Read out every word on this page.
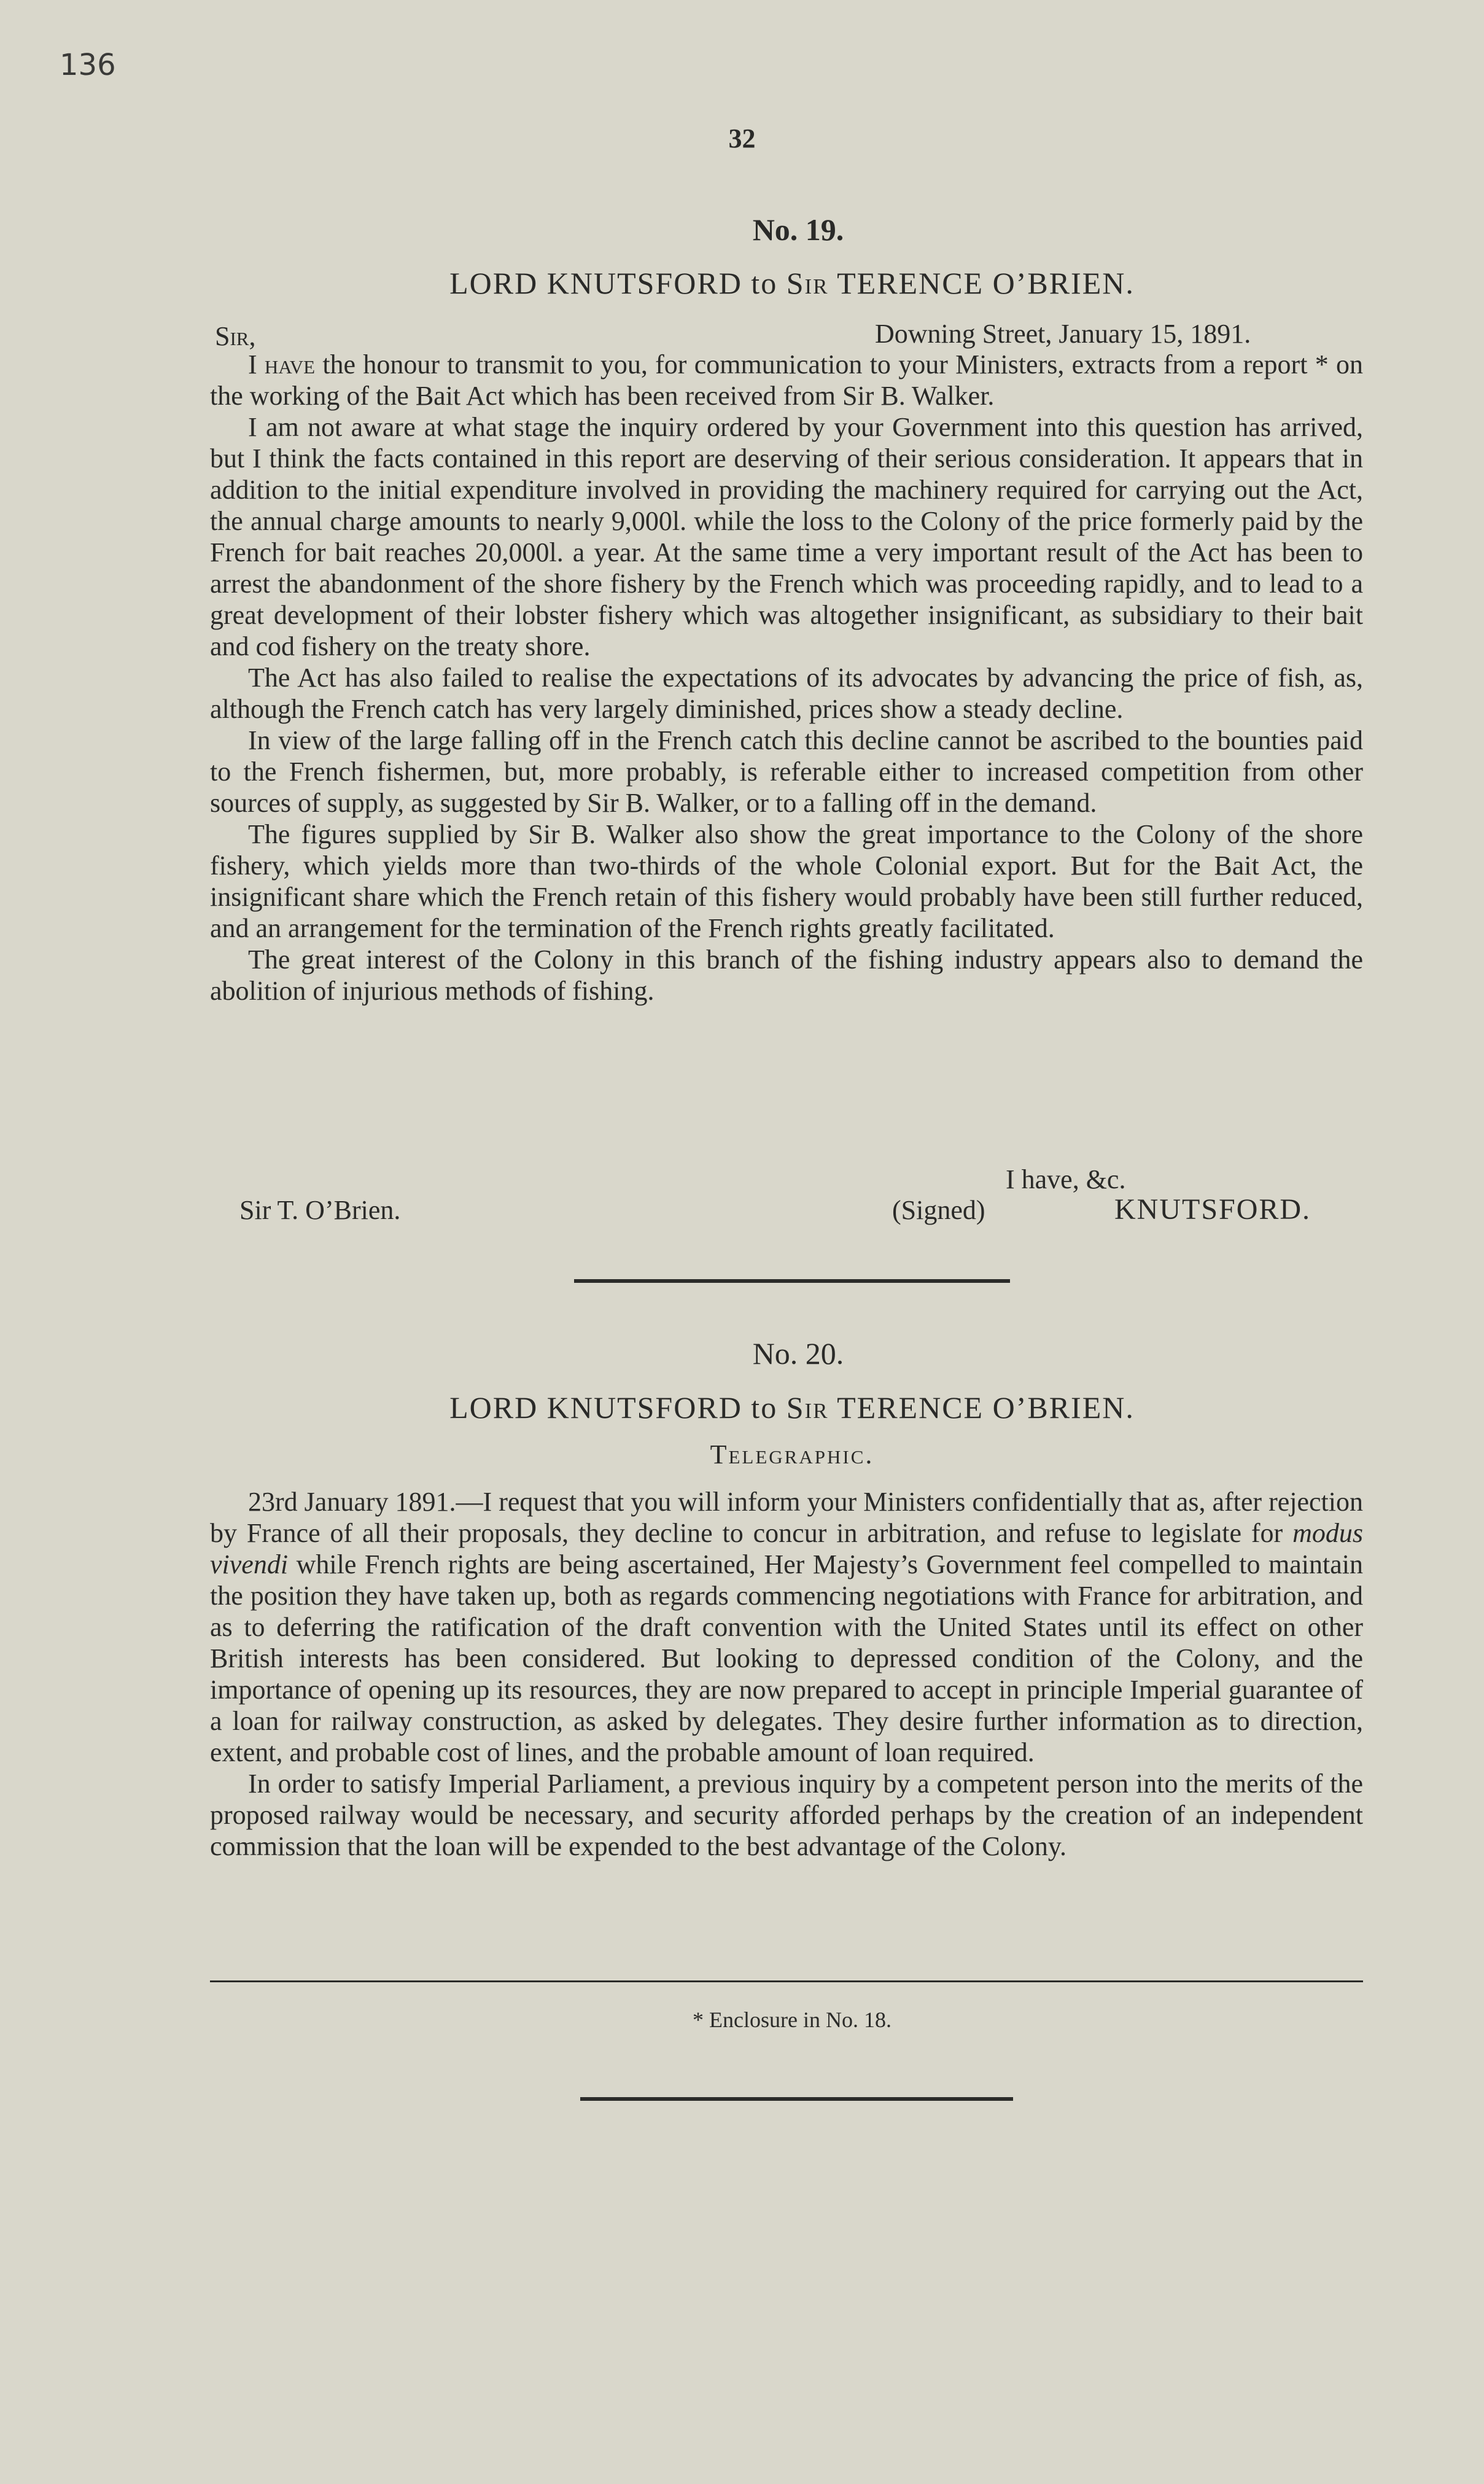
136
32
No. 19.
LORD KNUTSFORD to Sir TERENCE O’BRIEN.
Sir,	Downing Street, January 15, 1891.

I have the honour to transmit to you, for communication to your Ministers, extracts from a report * on the working of the Bait Act which has been received from Sir B. Walker.

I am not aware at what stage the inquiry ordered by your Government into this question has arrived, but I think the facts contained in this report are deserving of their serious consideration. It appears that in addition to the initial expenditure involved in providing the machinery required for carrying out the Act, the annual charge amounts to nearly 9,000l. while the loss to the Colony of the price formerly paid by the French for bait reaches 20,000l. a year. At the same time a very important result of the Act has been to arrest the abandonment of the shore fishery by the French which was proceeding rapidly, and to lead to a great development of their lobster fishery which was altogether insignificant, as subsidiary to their bait and cod fishery on the treaty shore.

The Act has also failed to realise the expectations of its advocates by advancing the price of fish, as, although the French catch has very largely diminished, prices show a steady decline.

In view of the large falling off in the French catch this decline cannot be ascribed to the bounties paid to the French fishermen, but, more probably, is referable either to increased competition from other sources of supply, as suggested by Sir B. Walker, or to a falling off in the demand.

The figures supplied by Sir B. Walker also show the great importance to the Colony of the shore fishery, which yields more than two-thirds of the whole Colonial export. But for the Bait Act, the insignificant share which the French retain of this fishery would probably have been still further reduced, and an arrangement for the termination of the French rights greatly facilitated.

The great interest of the Colony in this branch of the fishing industry appears also to demand the abolition of injurious methods of fishing.

I have, &c.
Sir T. O’Brien.	(Signed)	KNUTSFORD.
No. 20.
LORD KNUTSFORD to Sir TERENCE O’BRIEN.
Telegraphic.

23rd January 1891.—I request that you will inform your Ministers confidentially that as, after rejection by France of all their proposals, they decline to concur in arbitration, and refuse to legislate for modus vivendi while French rights are being ascertained, Her Majesty’s Government feel compelled to maintain the position they have taken up, both as regards commencing negotiations with France for arbitration, and as to deferring the ratification of the draft convention with the United States until its effect on other British interests has been considered. But looking to depressed condition of the Colony, and the importance of opening up its resources, they are now prepared to accept in principle Imperial guarantee of a loan for railway construction, as asked by delegates. They desire further information as to direction, extent, and probable cost of lines, and the probable amount of loan required.

In order to satisfy Imperial Parliament, a previous inquiry by a competent person into the merits of the proposed railway would be necessary, and security afforded perhaps by the creation of an independent commission that the loan will be expended to the best advantage of the Colony.

* Enclosure in No. 18.
